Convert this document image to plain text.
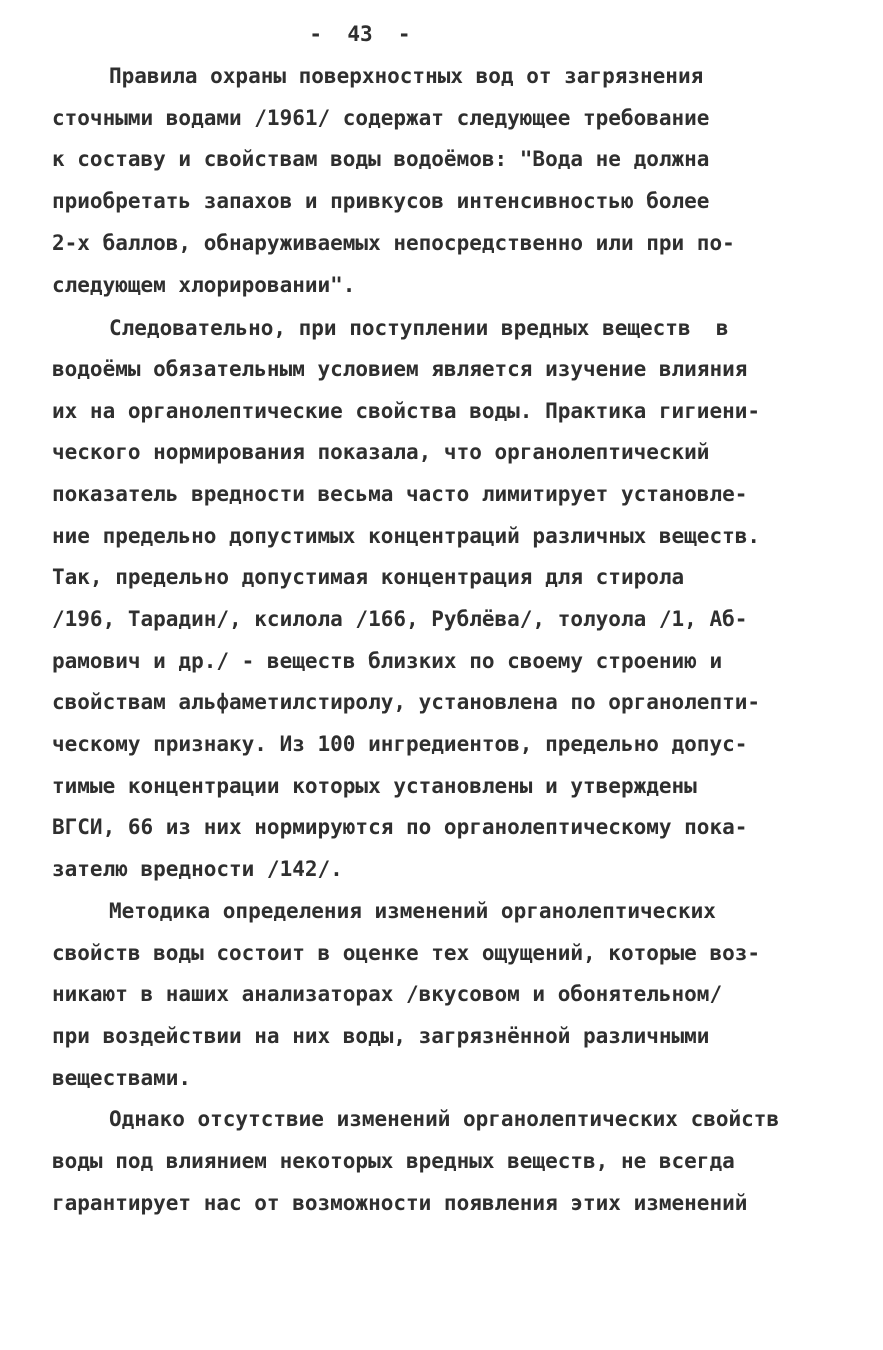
-  43  -
Правила охраны поверхностных вод от загрязнения
сточными водами /1961/ содержат следующее требование
к составу и свойствам воды водоёмов: "Вода не должна
приобретать запахов и привкусов интенсивностью более
2-х баллов, обнаруживаемых непосредственно или при по-
следующем хлорировании".
Следовательно, при поступлении вредных веществ  в
водоёмы обязательным условием является изучение влияния
их на органолептические свойства воды. Практика гигиени-
ческого нормирования показала, что органолептический
показатель вредности весьма часто лимитирует установле-
ние предельно допустимых концентраций различных веществ.
Так, предельно допустимая концентрация для стирола
/196, Тарадин/, ксилола /166, Рублёва/, толуола /1, Аб-
рамович и др./ - веществ близких по своему строению и
свойствам альфаметилстиролу, установлена по органолепти-
ческому признаку. Из 100 ингредиентов, предельно допус-
тимые концентрации которых установлены и утверждены
ВГСИ, 66 из них нормируются по органолептическому пока-
зателю вредности /142/.
Методика определения изменений органолептических
свойств воды состоит в оценке тех ощущений, которые воз-
никают в наших анализаторах /вкусовом и обонятельном/
при воздействии на них воды, загрязнённой различными
веществами.
Однако отсутствие изменений органолептических свойств
воды под влиянием некоторых вредных веществ, не всегда
гарантирует нас от возможности появления этих изменений
